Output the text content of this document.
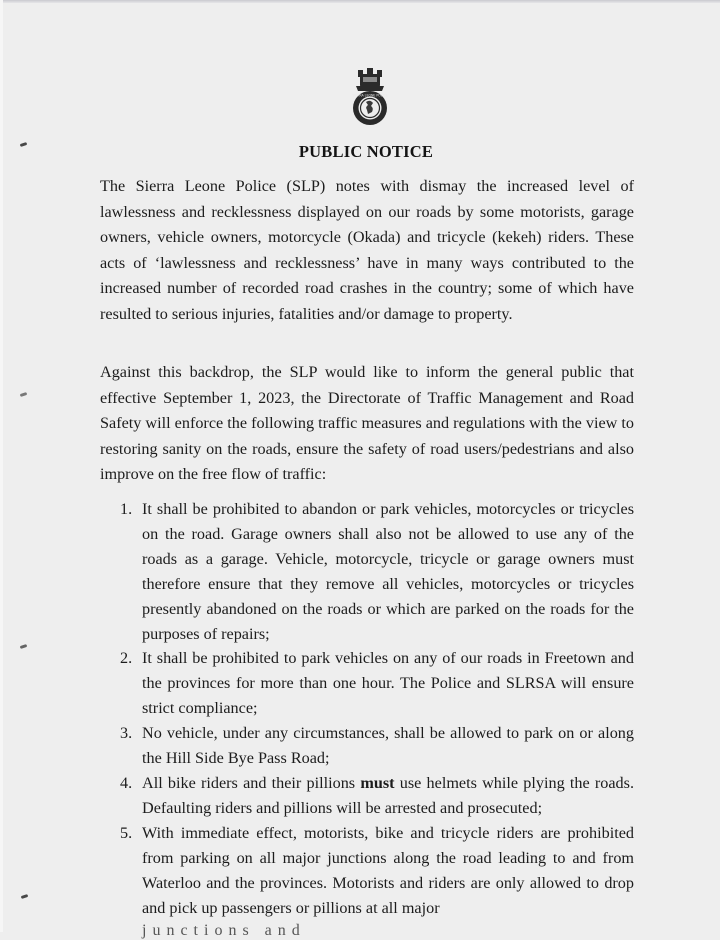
SIERRA LEONE POLICE
PUBLIC NOTICE

The Sierra Leone Police (SLP) notes with dismay the increased level of lawlessness and recklessness displayed on our roads by some motorists, garage owners, vehicle owners, motorcycle (Okada) and tricycle (kekeh) riders. These acts of ‘lawlessness and recklessness’ have in many ways contributed to the increased number of recorded road crashes in the country; some of which have resulted to serious injuries, fatalities and/or damage to property.

Against this backdrop, the SLP would like to inform the general public that effective September 1, 2023, the Directorate of Traffic Management and Road Safety will enforce the following traffic measures and regulations with the view to restoring sanity on the roads, ensure the safety of road users/pedestrians and also improve on the free flow of traffic:

1. It shall be prohibited to abandon or park vehicles, motorcycles or tricycles on the road. Garage owners shall also not be allowed to use any of the roads as a garage. Vehicle, motorcycle, tricycle or garage owners must therefore ensure that they remove all vehicles, motorcycles or tricycles presently abandoned on the roads or which are parked on the roads for the purposes of repairs;
2. It shall be prohibited to park vehicles on any of our roads in Freetown and the provinces for more than one hour. The Police and SLRSA will ensure strict compliance;
3. No vehicle, under any circumstances, shall be allowed to park on or along the Hill Side Bye Pass Road;
4. All bike riders and their pillions must use helmets while plying the roads. Defaulting riders and pillions will be arrested and prosecuted;
5. With immediate effect, motorists, bike and tricycle riders are prohibited from parking on all major junctions along the road leading to and from Waterloo and the provinces. Motorists and riders are only allowed to drop and pick up passengers or pillions at all major
junctions and
